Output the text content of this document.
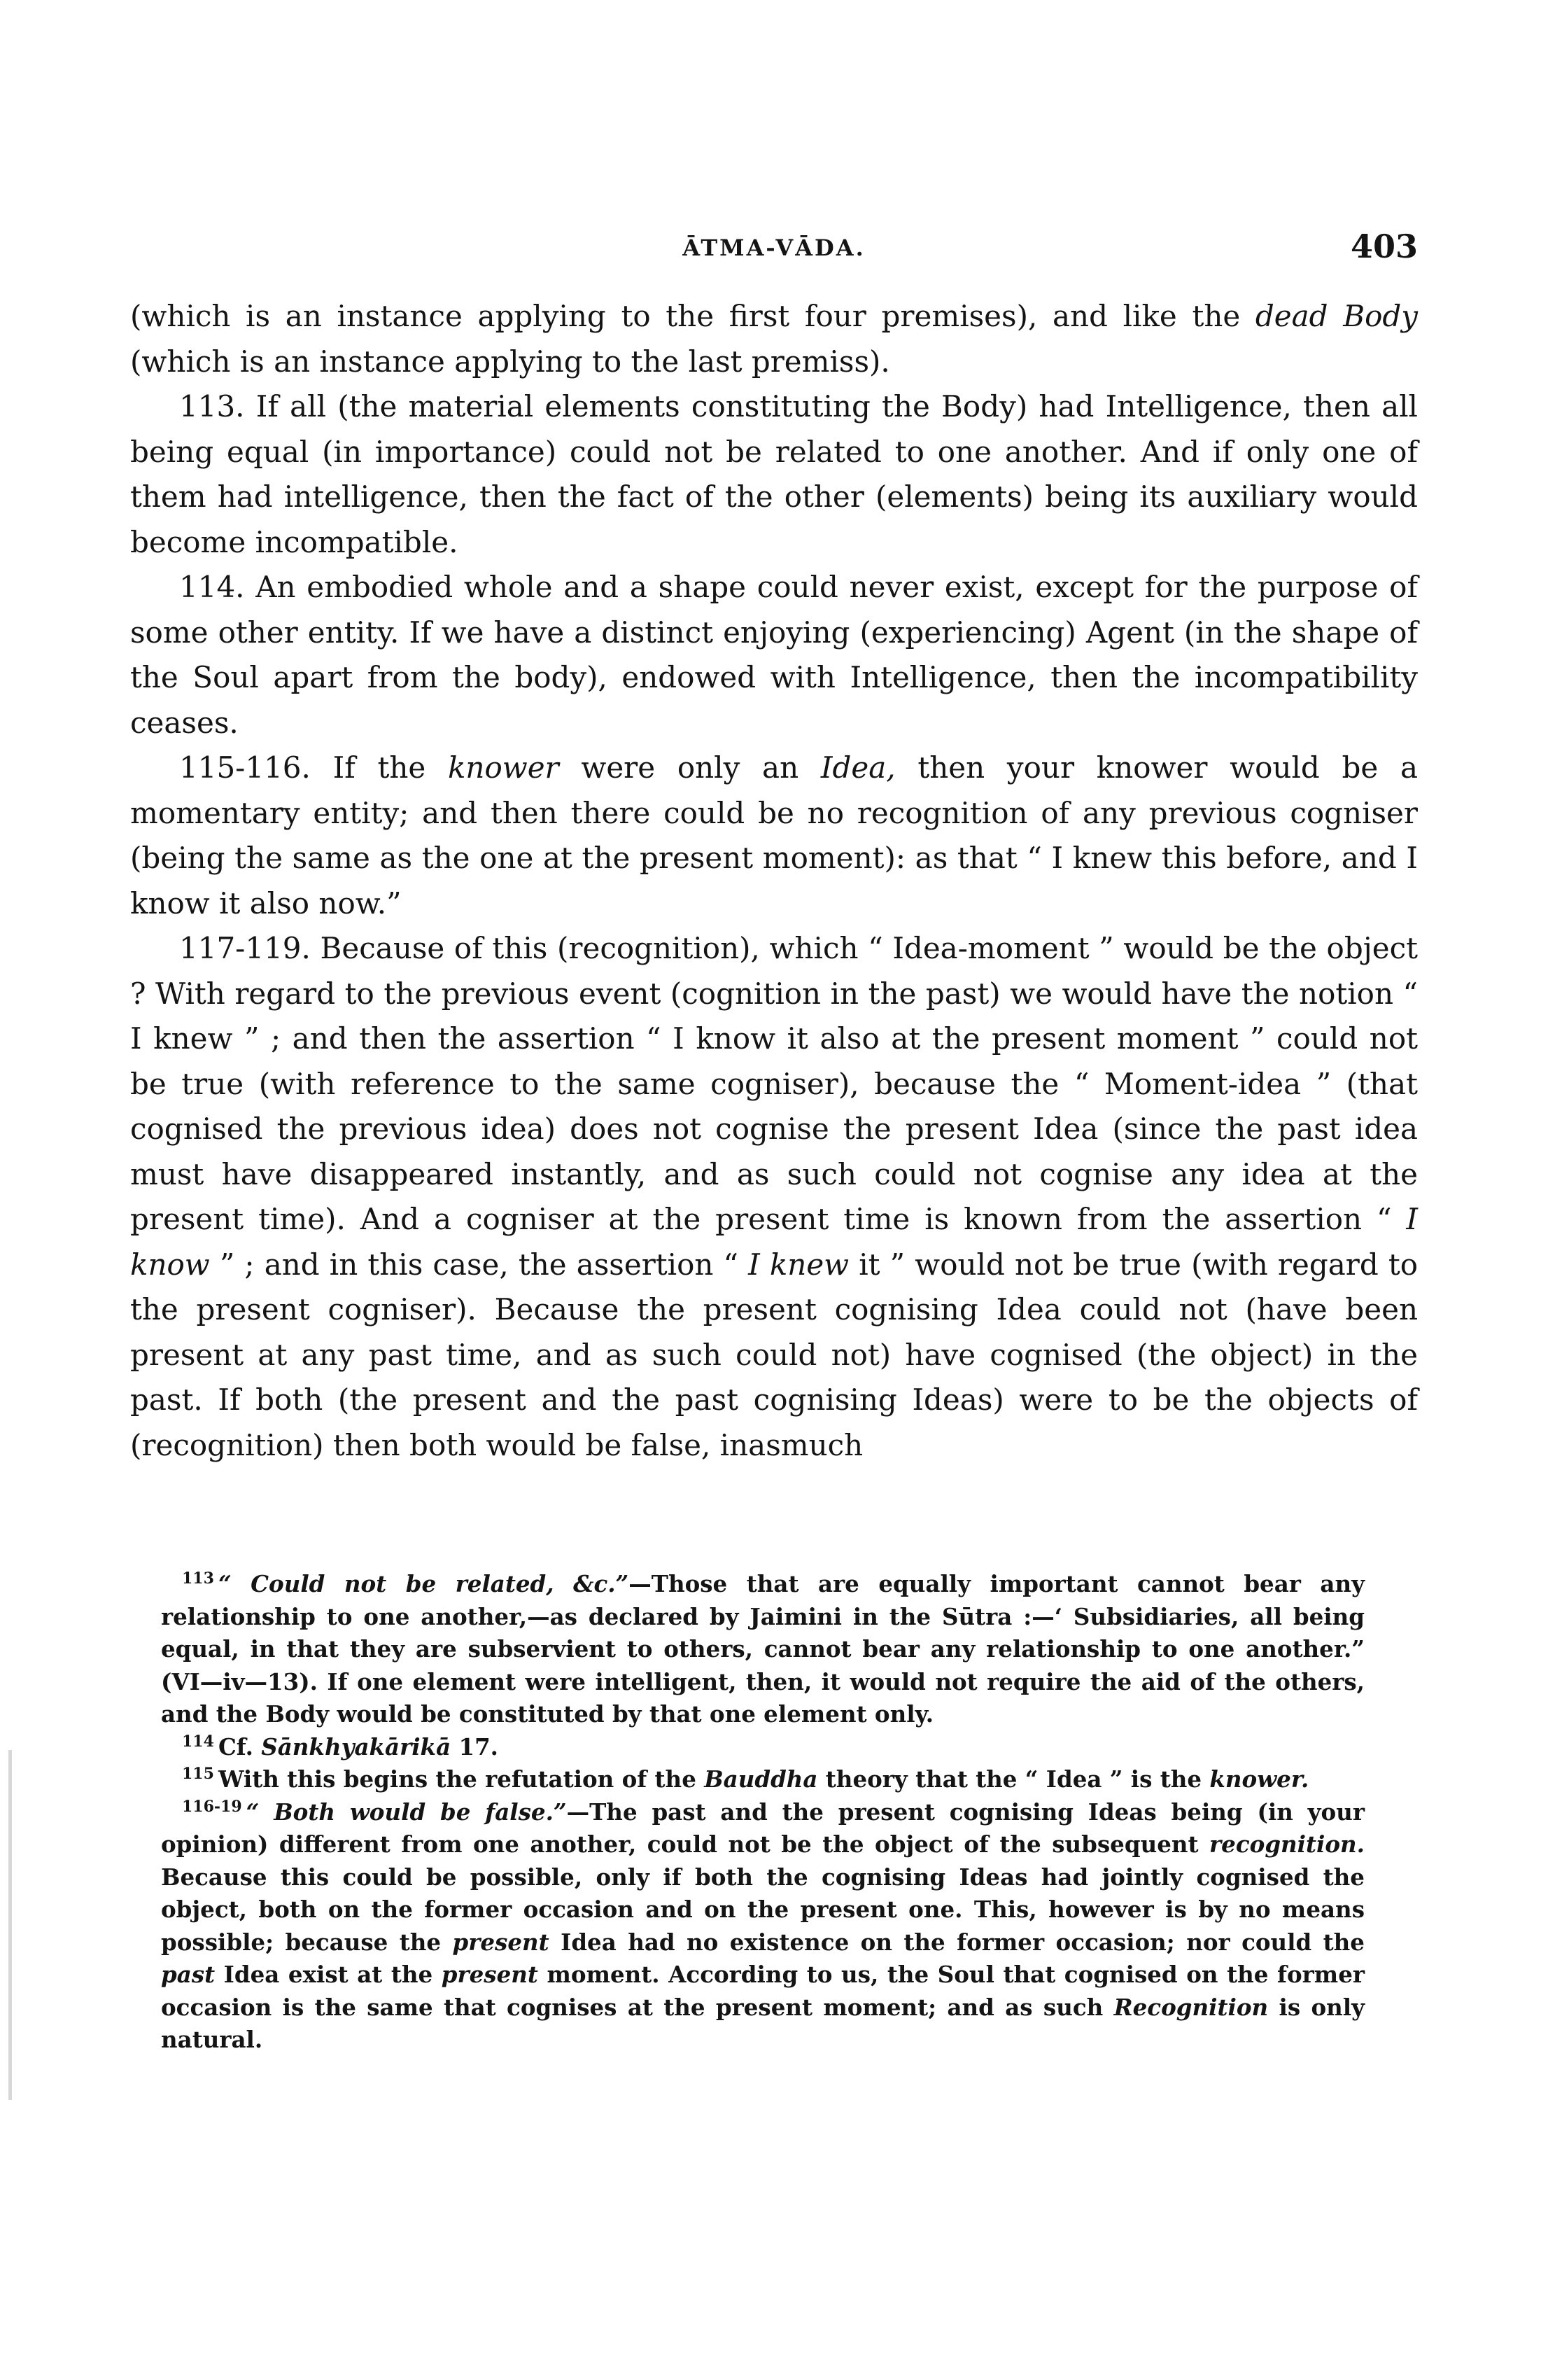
ĀTMA-VĀDA.	403

(which is an instance applying to the first four premises), and like the dead Body (which is an instance applying to the last premiss).

113. If all (the material elements constituting the Body) had Intelligence, then all being equal (in importance) could not be related to one another. And if only one of them had intelligence, then the fact of the other (elements) being its auxiliary would become incompatible.

114. An embodied whole and a shape could never exist, except for the purpose of some other entity. If we have a distinct enjoying (experiencing) Agent (in the shape of the Soul apart from the body), endowed with Intelligence, then the incompatibility ceases.

115-116. If the knower were only an Idea, then your knower would be a momentary entity; and then there could be no recognition of any previous cogniser (being the same as the one at the present moment): as that “ I knew this before, and I know it also now.”

117-119. Because of this (recognition), which “ Idea-moment ” would be the object ? With regard to the previous event (cognition in the past) we would have the notion “ I knew ” ; and then the assertion “ I know it also at the present moment ” could not be true (with reference to the same cogniser), because the “ Moment-idea ” (that cognised the previous idea) does not cognise the present Idea (since the past idea must have disappeared instantly, and as such could not cognise any idea at the present time). And a cogniser at the present time is known from the assertion “ I know ” ; and in this case, the assertion “ I knew it ” would not be true (with regard to the present cogniser). Because the present cognising Idea could not (have been present at any past time, and as such could not) have cognised (the object) in the past. If both (the present and the past cognising Ideas) were to be the objects of (recognition) then both would be false, inasmuch

$^{113}$ “ Could not be related, &c.”—Those that are equally important cannot bear any relationship to one another,—as declared by Jaimini in the Sūtra :—‘ Subsidiaries, all being equal, in that they are subservient to others, cannot bear any relationship to one another.” (VI—iv—13). If one element were intelligent, then, it would not require the aid of the others, and the Body would be constituted by that one element only.

$^{114}$ Cf. Sānkhyakārikā 17.

$^{115}$ With this begins the refutation of the Bauddha theory that the “ Idea ” is the knower.

$^{116-19}$ “ Both would be false.”—The past and the present cognising Ideas being (in your opinion) different from one another, could not be the object of the subsequent recognition. Because this could be possible, only if both the cognising Ideas had jointly cognised the object, both on the former occasion and on the present one. This, however is by no means possible; because the present Idea had no existence on the former occasion; nor could the past Idea exist at the present moment. According to us, the Soul that cognised on the former occasion is the same that cognises at the present moment; and as such Recognition is only natural.
